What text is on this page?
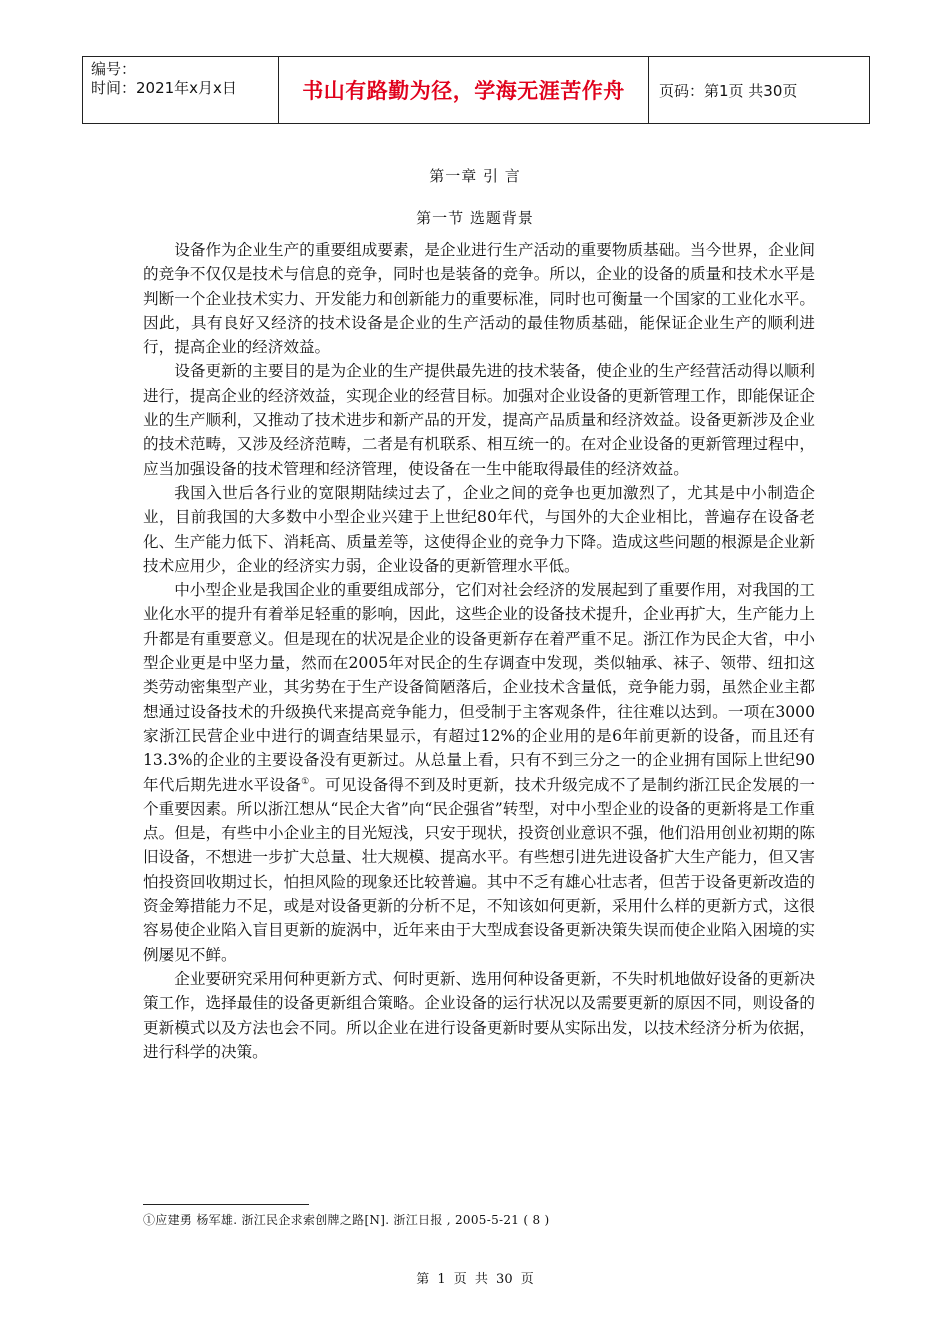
编号：
时间：2021年x月x日	书山有路勤为径，学海无涯苦作舟	页码：第1页 共30页
第一章 引 言
第一节 选题背景

设备作为企业生产的重要组成要素，是企业进行生产活动的重要物质基础。当今世界，企业间的竞争不仅仅是技术与信息的竞争，同时也是装备的竞争。所以，企业的设备的质量和技术水平是判断一个企业技术实力、开发能力和创新能力的重要标准，同时也可衡量一个国家的工业化水平。因此，具有良好又经济的技术设备是企业的生产活动的最佳物质基础，能保证企业生产的顺利进行，提高企业的经济效益。

设备更新的主要目的是为企业的生产提供最先进的技术装备，使企业的生产经营活动得以顺利进行，提高企业的经济效益，实现企业的经营目标。加强对企业设备的更新管理工作，即能保证企业的生产顺利，又推动了技术进步和新产品的开发，提高产品质量和经济效益。设备更新涉及企业的技术范畴，又涉及经济范畴，二者是有机联系、相互统一的。在对企业设备的更新管理过程中，应当加强设备的技术管理和经济管理，使设备在一生中能取得最佳的经济效益。

我国入世后各行业的宽限期陆续过去了，企业之间的竞争也更加激烈了，尤其是中小制造企业，目前我国的大多数中小型企业兴建于上世纪80年代，与国外的大企业相比，普遍存在设备老化、生产能力低下、消耗高、质量差等，这使得企业的竞争力下降。造成这些问题的根源是企业新技术应用少，企业的经济实力弱，企业设备的更新管理水平低。

中小型企业是我国企业的重要组成部分，它们对社会经济的发展起到了重要作用，对我国的工业化水平的提升有着举足轻重的影响，因此，这些企业的设备技术提升，企业再扩大，生产能力上升都是有重要意义。但是现在的状况是企业的设备更新存在着严重不足。浙江作为民企大省，中小型企业更是中坚力量，然而在2005年对民企的生存调查中发现，类似轴承、袜子、领带、纽扣这类劳动密集型产业，其劣势在于生产设备简陋落后，企业技术含量低，竞争能力弱，虽然企业主都想通过设备技术的升级换代来提高竞争能力，但受制于主客观条件，往往难以达到。一项在3000家浙江民营企业中进行的调查结果显示，有超过12%的企业用的是6年前更新的设备，而且还有13.3%的企业的主要设备没有更新过。从总量上看，只有不到三分之一的企业拥有国际上世纪90年代后期先进水平设备①。可见设备得不到及时更新，技术升级完成不了是制约浙江民企发展的一个重要因素。所以浙江想从“民企大省”向“民企强省”转型，对中小型企业的设备的更新将是工作重点。但是，有些中小企业主的目光短浅，只安于现状，投资创业意识不强，他们沿用创业初期的陈旧设备，不想进一步扩大总量、壮大规模、提高水平。有些想引进先进设备扩大生产能力，但又害怕投资回收期过长，怕担风险的现象还比较普遍。其中不乏有雄心壮志者，但苦于设备更新改造的资金筹措能力不足，或是对设备更新的分析不足，不知该如何更新，采用什么样的更新方式，这很容易使企业陷入盲目更新的旋涡中，近年来由于大型成套设备更新决策失误而使企业陷入困境的实例屡见不鲜。

企业要研究采用何种更新方式、何时更新、选用何种设备更新，不失时机地做好设备的更新决策工作，选择最佳的设备更新组合策略。企业设备的运行状况以及需要更新的原因不同，则设备的更新模式以及方法也会不同。所以企业在进行设备更新时要从实际出发，以技术经济分析为依据，进行科学的决策。

①应建勇 杨军雄. 浙江民企求索创牌之路[N]. 浙江日报 , 2005-5-21 ( 8 )
第 1 页 共 30 页
